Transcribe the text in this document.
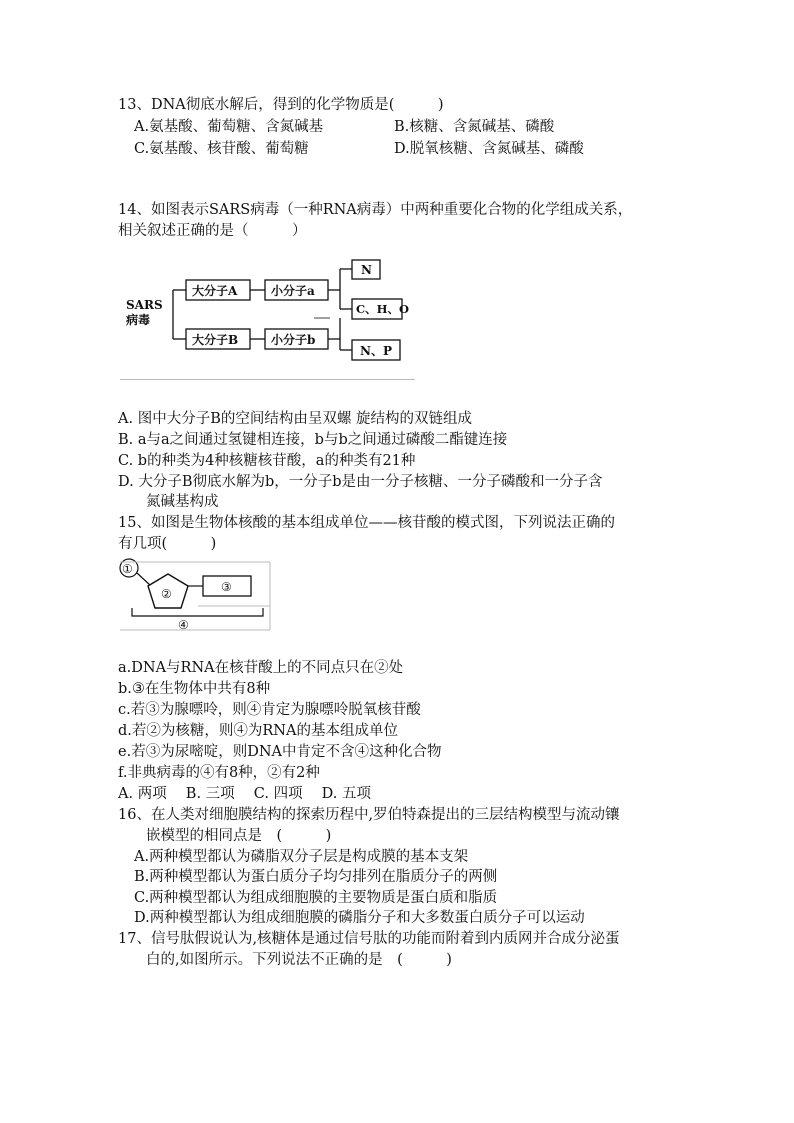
13、DNA彻底水解后，得到的化学物质是(　　　)
A.氨基酸、葡萄糖、含氮碱基	B.核糖、含氮碱基、磷酸
C.氨基酸、核苷酸、葡萄糖	D.脱氧核糖、含氮碱基、磷酸
14、如图表示SARS病毒（一种RNA病毒）中两种重要化合物的化学组成关系，
相关叙述正确的是（　　　）
SARS
病毒
大分子A
大分子B
小分子a
小分子b
N
C、H、O
N、P
A. 图中大分子B的空间结构由呈双螺 旋结构的双链组成
B. a与a之间通过氢键相连接，b与b之间通过磷酸二酯键连接
C. b的种类为4种核糖核苷酸，a的种类有21种
D. 大分子B彻底水解为b，一分子b是由一分子核糖、一分子磷酸和一分子含
氮碱基构成
15、如图是生物体核酸的基本组成单位——核苷酸的模式图，下列说法正确的
有几项(　　　)
①
②	③
④
a.DNA与RNA在核苷酸上的不同点只在②处
b.③在生物体中共有8种
c.若③为腺嘌呤，则④肯定为腺嘌呤脱氧核苷酸
d.若②为核糖，则④为RNA的基本组成单位
e.若③为尿嘧啶，则DNA中肯定不含④这种化合物
f.非典病毒的④有8种，②有2种
A. 两项　 B. 三项　 C. 四项　 D. 五项
16、在人类对细胞膜结构的探索历程中,罗伯特森提出的三层结构模型与流动镶
嵌模型的相同点是　(　　　)
A.两种模型都认为磷脂双分子层是构成膜的基本支架
B.两种模型都认为蛋白质分子均匀排列在脂质分子的两侧
C.两种模型都认为组成细胞膜的主要物质是蛋白质和脂质
D.两种模型都认为组成细胞膜的磷脂分子和大多数蛋白质分子可以运动
17、信号肽假说认为,核糖体是通过信号肽的功能而附着到内质网并合成分泌蛋
白的,如图所示。下列说法不正确的是　(　　　)
